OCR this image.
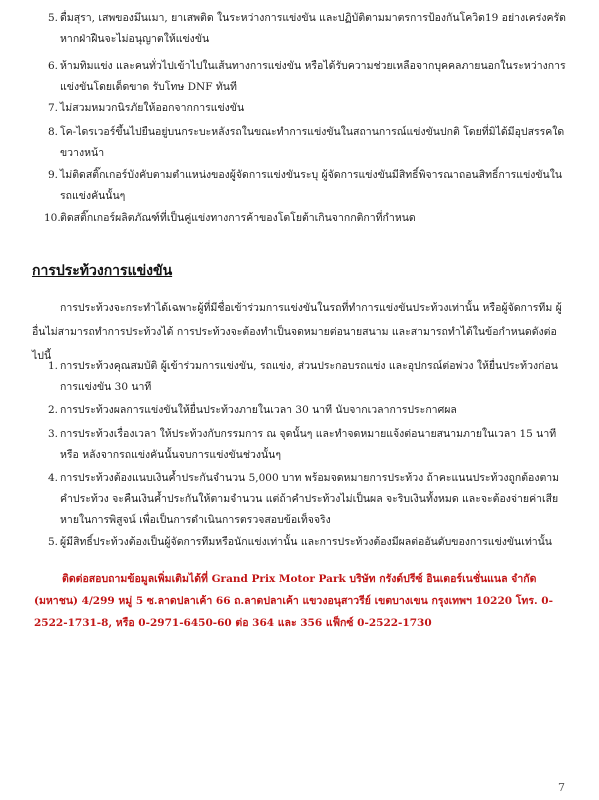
5. ดื่มสุรา, เสพของมึนเมา, ยาเสพติด ในระหว่างการแข่งขัน และปฏิบัติตามมาตรการป้องกันโควิด19 อย่างเคร่งครัด หากฝ่าฝืนจะไม่อนุญาตให้แข่งขัน
6. ห้ามทิมแข่ง และคนทั่วไปเข้าไปในเส้นทางการแข่งขัน หรือได้รับความช่วยเหลือจากบุคคลภายนอกในระหว่างการแข่งขันโดยเด็ดขาด รับโทษ DNF ทันที
7. ไม่สวมหมวกนิรภัยให้ออกจากการแข่งขัน
8. โค-ไดรเวอร์ขึ้นไปยืนอยู่บนกระบะหลังรถในขณะทำการแข่งขันในสถานการณ์แข่งขันปกติ โดยที่มิได้มีอุปสรรคใดขวางหน้า
9. ไม่ติดสติ๊กเกอร์บังคับตามตำแหน่งของผู้จัดการแข่งขันระบุ ผู้จัดการแข่งขันมีสิทธิ์พิจารณาถอนสิทธิ์การแข่งขันในรถแข่งคันนั้นๆ
10. ติดสติ๊กเกอร์ผลิตภัณฑ์ที่เป็นคู่แข่งทางการค้าของโตโยต้าเกินจากกติกาที่กำหนด
การประท้วงการแข่งขัน
การประท้วงจะกระทำได้เฉพาะผู้ที่มีชื่อเข้าร่วมการแข่งขันในรถที่ทำการแข่งขันประท้วงเท่านั้น หรือผู้จัดการทีม ผู้อื่นไม่สามารถทำการประท้วงได้ การประท้วงจะต้องทำเป็นจดหมายต่อนายสนาม และสามารถทำได้ในข้อกำหนดดังต่อไปนี้
1. การประท้วงคุณสมบัติ ผู้เข้าร่วมการแข่งขัน, รถแข่ง, ส่วนประกอบรถแข่ง และอุปกรณ์ต่อพ่วง ให้ยื่นประท้วงก่อนการแข่งขัน 30 นาที
2. การประท้วงผลการแข่งขันให้ยื่นประท้วงภายในเวลา 30 นาที นับจากเวลาการประกาศผล
3. การประท้วงเรื่องเวลา ให้ประท้วงกับกรรมการ ณ จุดนั้นๆ และทำจดหมายแจ้งต่อนายสนามภายในเวลา 15 นาที หรือ หลังจากรถแข่งคันนั้นจบการแข่งขันช่วงนั้นๆ
4. การประท้วงต้องแนบเงินค้ำประกันจำนวน 5,000 บาท พร้อมจดหมายการประท้วง ถ้าคะแนนประท้วงถูกต้องตามคำประท้วง จะคืนเงินค้ำประกันให้ตามจำนวน แต่ถ้าคำประท้วงไม่เป็นผล จะริบเงินทั้งหมด และจะต้องจ่ายค่าเสียหายในการพิสูจน์ เพื่อเป็นการดำเนินการตรวจสอบข้อเท็จจริง
5. ผู้มีสิทธิ์ประท้วงต้องเป็นผู้จัดการทีมหรือนักแข่งเท่านั้น และการประท้วงต้องมีผลต่ออันดับของการแข่งขันเท่านั้น
ติดต่อสอบถามข้อมูลเพิ่มเติมได้ที่ Grand Prix Motor Park บริษัท กรังด์ปรีซ์ อินเตอร์เนชั่นแนล จำกัด (มหาชน) 4/299 หมู่ 5 ซ.ลาดปลาเค้า 66 ถ.ลาดปลาเค้า แขวงอนุสาวรีย์ เขตบางเขน กรุงเทพฯ 10220 โทร. 0-2522-1731-8, หรือ 0-2971-6450-60 ต่อ 364 และ 356 แฟ็กซ์ 0-2522-1730
7
